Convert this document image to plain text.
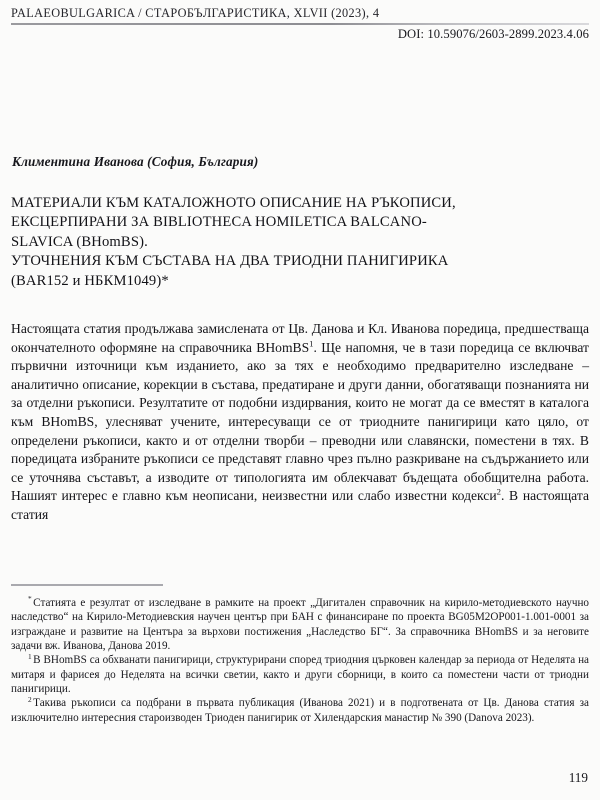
PALAEOBULGARICA / СТАРОБЪЛГАРИСТИКА, XLVII (2023), 4
DOI: 10.59076/2603-2899.2023.4.06
Климентина Иванова (София, България)
МАТЕРИАЛИ КЪМ КАТАЛОЖНОТО ОПИСАНИЕ НА РЪКОПИСИ,
ЕКСЦЕРПИРАНИ ЗА BIBLIOTHECA HOMILETICA BALCANO-
SLAVICA (BHomBS).
УТОЧНЕНИЯ КЪМ СЪСТАВА НА ДВА ТРИОДНИ ПАНИГИРИКА
(BAR152 и НБКМ1049)*

Настоящата статия продължава замислената от Цв. Данова и Кл. Иванова поредица, предшестваща окончателното оформяне на справочника BHomBS$^1$. Ще напомня, че в тази поредица се включват първични източници към изданието, ако за тях е необходимо предварително изследване – аналитично описание, корекции в състава, предатиране и други данни, обогатяващи познанията ни за отделни ръкописи. Резултатите от подобни издирвания, които не могат да се вместят в каталога към BHomBS, улесняват учените, интересуващи се от триодните панигирици като цяло, от определени ръкописи, както и от отделни творби – преводни или славянски, поместени в тях. В поредицата избраните ръкописи се представят главно чрез пълно разкриване на съдържанието или се уточнява съставът, а изводите от типологията им облекчават бъдещата обобщителна работа. Нашият интерес е главно към неописани, неизвестни или слабо известни кодекси$^2$. В настоящата статия

* Статията е резултат от изследване в рамките на проект „Дигитален справочник на кирило-методиевското научно наследство“ на Кирило-Методиевския научен център при БАН с финансиране по проекта BG05M2OP001-1.001-0001 за изграждане и развитие на Центъра за върхови постижения „Наследство БГ“. За справочника BHomBS и за неговите задачи вж. Иванова, Данова 2019.

$^1$ В BHomBS са обхванати панигирици, структурирани според триодния църковен календар за периода от Неделята на митаря и фарисея до Неделята на всички светии, както и други сборници, в които са поместени части от триодни панигирици.

$^2$ Такива ръкописи са подбрани в първата публикация (Иванова 2021) и в подготвената от Цв. Данова статия за изключително интересния староизводен Триоден панигирик от Хилендарския манастир № 390 (Danova 2023).

119
